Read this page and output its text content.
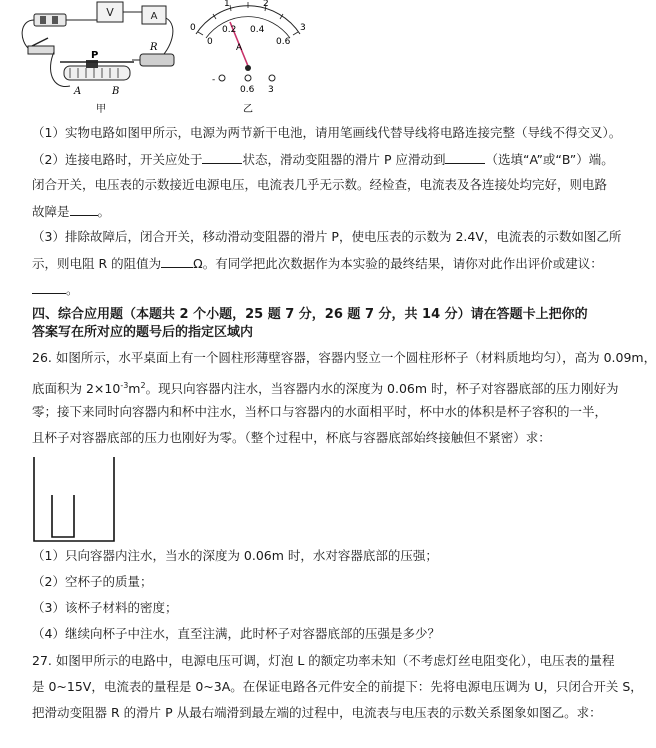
V	A
R
P
A	B
甲
0
1	2
3
0
0.2 0.4
0.6
A
-
0.6 3
乙
（1）实物电路如图甲所示，电源为两节新干电池，请用笔画线代替导线将电路连接完整（导线不得交叉）。
（2）连接电路时，开关应处于	状态，滑动变阻器的滑片 P 应滑动到	（选填“A”或“B”）端。
闭合开关，电压表的示数接近电源电压，电流表几乎无示数。经检查，电流表及各连接处均完好，则电路
故障是 。
（3）排除故障后，闭合开关，移动滑动变阻器的滑片 P，使电压表的示数为 2.4V，电流表的示数如图乙所
示，则电阻 R 的阻值为	Ω。有同学把此次数据作为本实验的最终结果，请你对此作出评价或建议：
。
四、综合应用题（本题共 2 个小题，25 题 7 分，26 题 7 分，共 14 分）请在答题卡上把你的
答案写在所对应的题号后的指定区域内
26. 如图所示，水平桌面上有一个圆柱形薄壁容器，容器内竖立一个圆柱形杯子（材料质地均匀），高为 0.09m，
底面积为 $2\times 10^{-3}m^2$。现只向容器内注水，当容器内水的深度为 0.06m 时，杯子对容器底部的压力刚好为
零；接下来同时向容器内和杯中注水，当杯口与容器内的水面相平时，杯中水的体积是杯子容积的一半，
且杯子对容器底部的压力也刚好为零。（整个过程中，杯底与容器底部始终接触但不紧密）求：
（1）只向容器内注水，当水的深度为 0.06m 时，水对容器底部的压强；
（2）空杯子的质量；
（3）该杯子材料的密度；
（4）继续向杯子中注水，直至注满，此时杯子对容器底部的压强是多少？
27. 如图甲所示的电路中，电源电压可调，灯泡 L 的额定功率未知（不考虑灯丝电阻变化），电压表的量程
是 0~15V，电流表的量程是 0~3A。在保证电路各元件安全的前提下：先将电源电压调为 U，只闭合开关 S，
把滑动变阻器 R 的滑片 P 从最右端滑到最左端的过程中，电流表与电压表的示数关系图象如图乙。求：
